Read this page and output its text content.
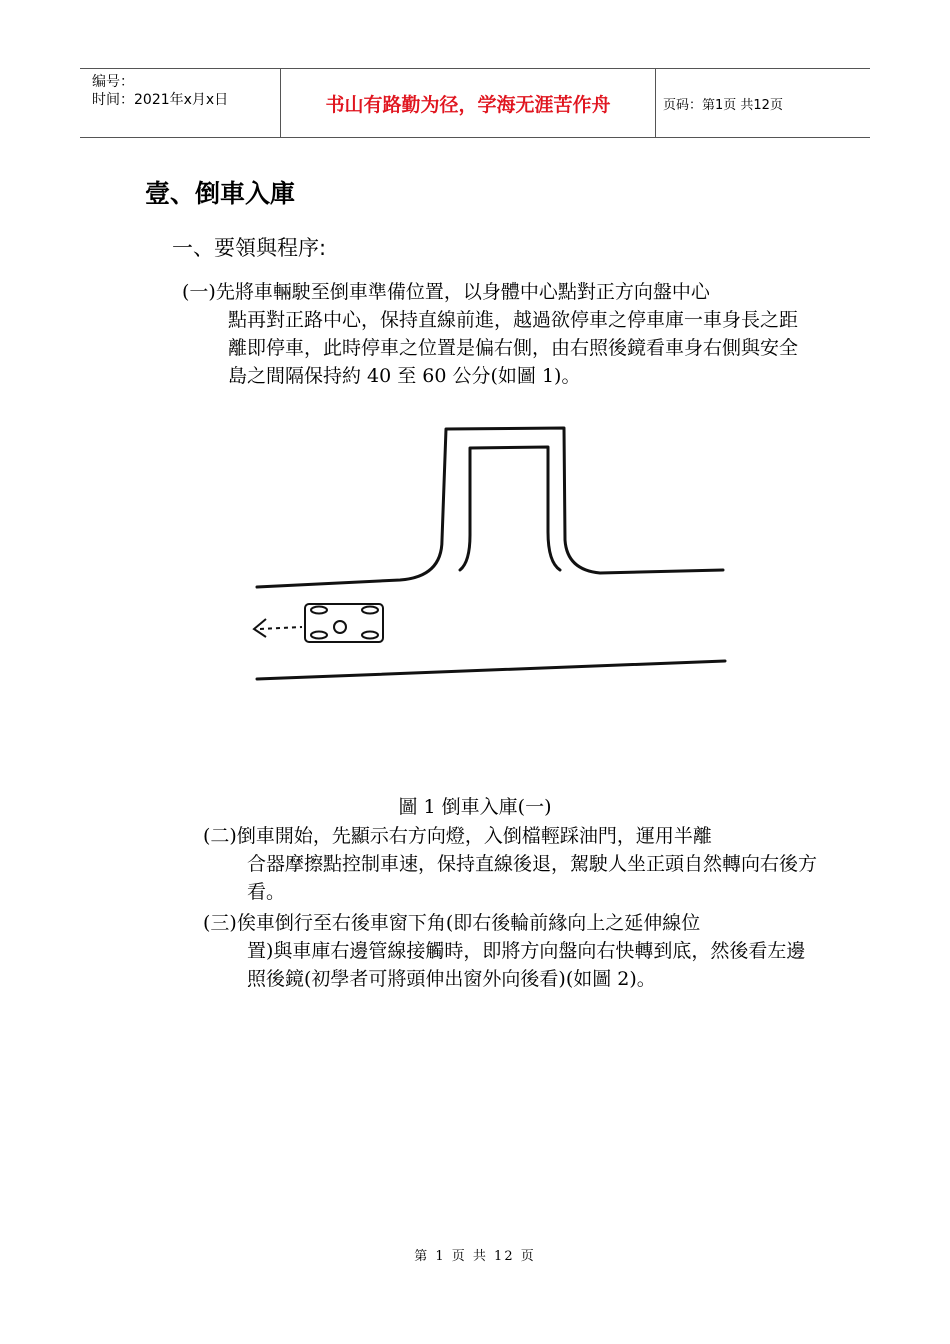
编号：
时间：2021年x月x日	书山有路勤为径，学海无涯苦作舟	页码：第1页 共12页
壹、倒車入庫
一、要領與程序:
(一)先將車輛駛至倒車準備位置，以身體中心點對正方向盤中心
點再對正路中心，保持直線前進，越過欲停車之停車庫一車身長之距離即停車，此時停車之位置是偏右側，由右照後鏡看車身右側與安全島之間隔保持約 40 至 60 公分(如圖 1)。
圖 1 倒車入庫(一)
(二)倒車開始，先顯示右方向燈，入倒檔輕踩油門，運用半離
合器摩擦點控制車速，保持直線後退，駕駛人坐正頭自然轉向右後方看。
(三)俟車倒行至右後車窗下角(即右後輪前緣向上之延伸線位
置)與車庫右邊管線接觸時，即將方向盤向右快轉到底，然後看左邊照後鏡(初學者可將頭伸出窗外向後看)(如圖 2)。
第 1 页 共 12 页
